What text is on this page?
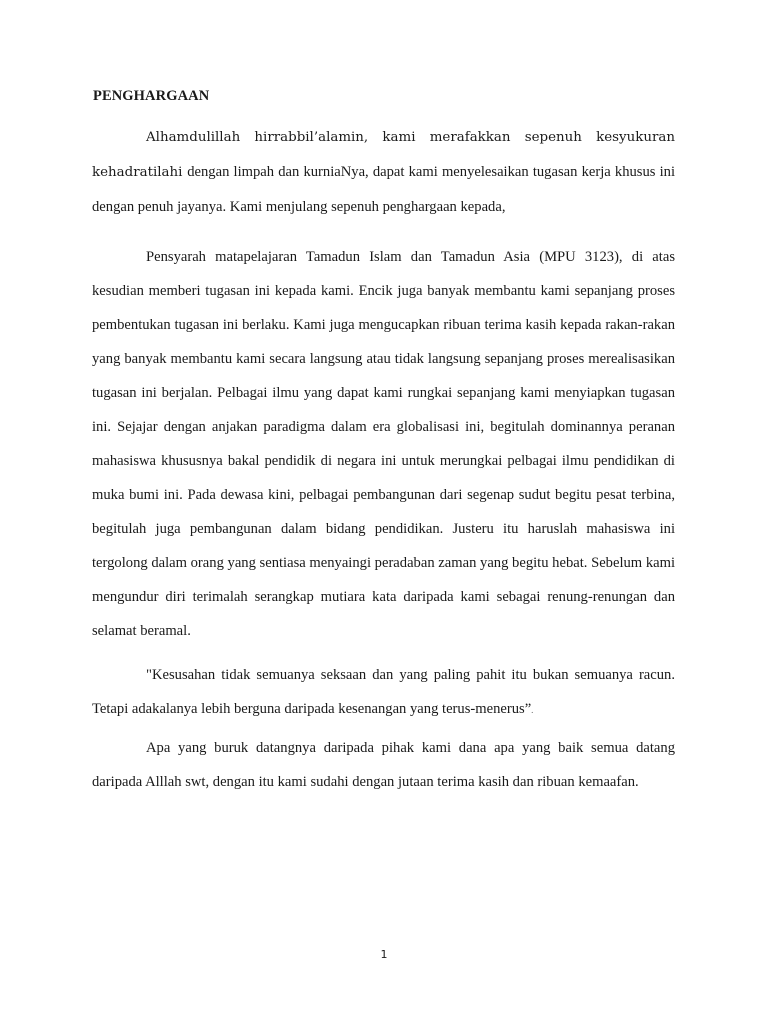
PENGHARGAAN

Alhamdulillah hirrabbil’alamin, kami merafakkan sepenuh kesyukuran kehadratilahi dengan limpah dan kurniaNya, dapat kami menyelesaikan tugasan kerja khusus ini dengan penuh jayanya. Kami menjulang sepenuh penghargaan kepada,

Pensyarah matapelajaran Tamadun Islam dan Tamadun Asia (MPU 3123), di atas kesudian memberi tugasan ini kepada kami. Encik juga banyak membantu kami sepanjang proses pembentukan tugasan ini berlaku. Kami juga mengucapkan ribuan terima kasih kepada rakan-rakan yang banyak membantu kami secara langsung atau tidak langsung sepanjang proses merealisasikan tugasan ini berjalan. Pelbagai ilmu yang dapat kami rungkai sepanjang kami menyiapkan tugasan ini. Sejajar dengan anjakan paradigma dalam era globalisasi ini, begitulah dominannya peranan mahasiswa khususnya bakal pendidik di negara ini untuk merungkai pelbagai ilmu pendidikan di muka bumi ini. Pada dewasa kini, pelbagai pembangunan dari segenap sudut begitu pesat terbina, begitulah juga pembangunan dalam bidang pendidikan. Justeru itu haruslah mahasiswa ini tergolong dalam orang yang sentiasa menyaingi peradaban zaman yang begitu hebat. Sebelum kami mengundur diri terimalah serangkap mutiara kata daripada kami sebagai renung-renungan dan selamat beramal.

"Kesusahan tidak semuanya seksaan dan yang paling pahit itu bukan semuanya racun. Tetapi adakalanya lebih berguna daripada kesenangan yang terus-menerus”.

Apa yang buruk datangnya daripada pihak kami dana apa yang baik semua datang daripada Alllah swt, dengan itu kami sudahi dengan jutaan terima kasih dan ribuan kemaafan.

1
